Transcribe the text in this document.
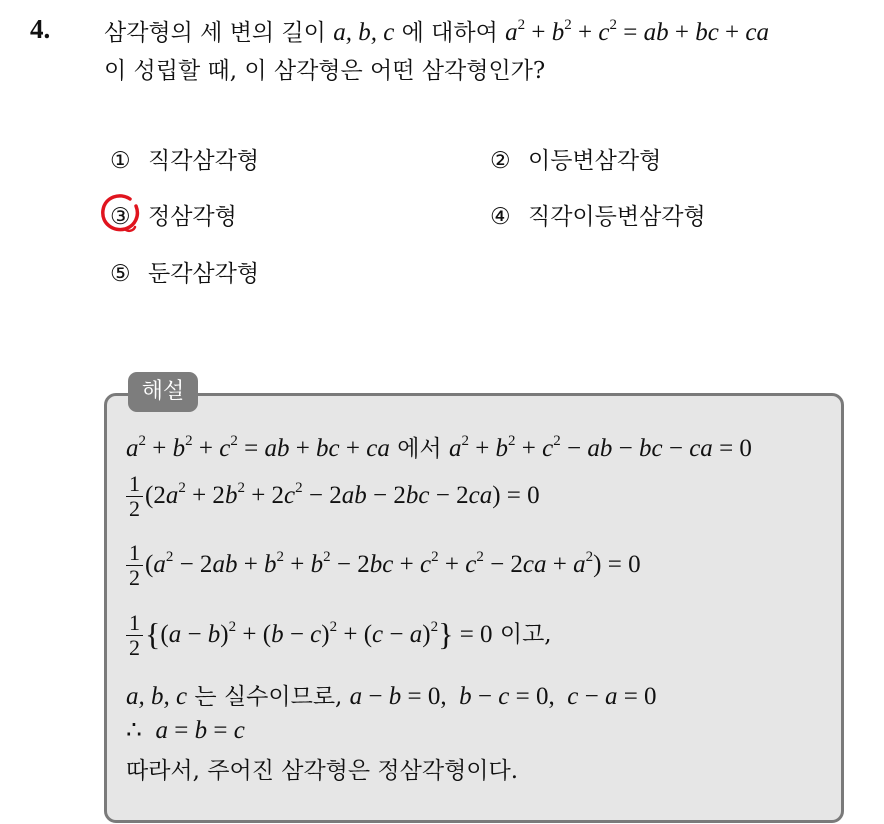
4. 삼각형의 세 변의 길이 a, b, c 에 대하여 $a^2 + b^2 + c^2$ = ab + bc + ca
이 성립할 때, 이 삼각형은 어떤 삼각형인가?
① 직각삼각형	② 이등변삼각형
③ 정삼각형	④ 직각이등변삼각형
⑤ 둔각삼각형
해설
$a^2 + b^2 + c^2$ = ab + bc + ca 에서 $a^2 + b^2 + c^2$ − ab − bc − ca = 0
$\frac{1}{2} (2a^2 + 2b^2 + 2c^2 - 2ab - 2bc - 2ca) = 0$
$\frac{1}{2} (a^2 - 2ab + b^2 + b^2 - 2bc + c^2 + c^2 - 2ca + a^2) = 0$
$\frac{1}{2} \{(a - b)^2 + (b - c)^2 + (c - a)^2\} = 0$ 이고,
a, b, c 는 실수이므로, a − b = 0,  b − c = 0,  c − a = 0
∴ a = b = c
따라서, 주어진 삼각형은 정삼각형이다.
